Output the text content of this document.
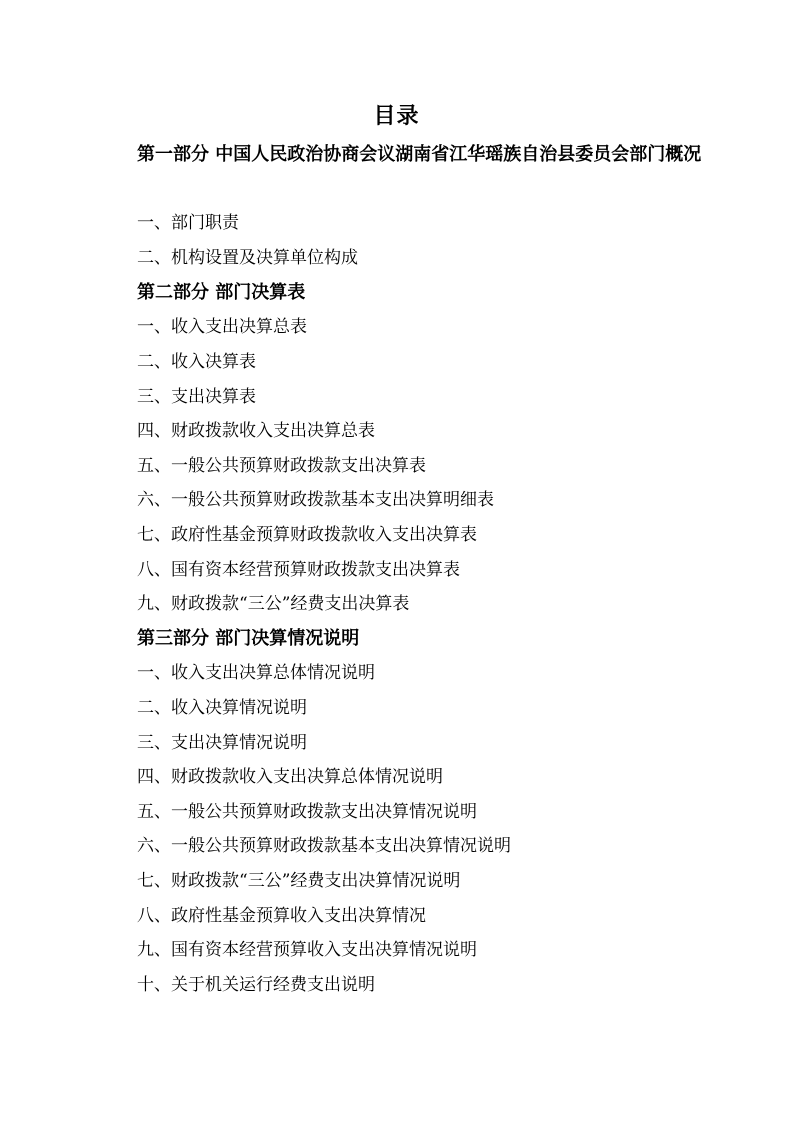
目录
第一部分 中国人民政治协商会议湖南省江华瑶族自治县委员会部门概况
一、部门职责
二、机构设置及决算单位构成
第二部分 部门决算表
一、收入支出决算总表
二、收入决算表
三、支出决算表
四、财政拨款收入支出决算总表
五、一般公共预算财政拨款支出决算表
六、一般公共预算财政拨款基本支出决算明细表
七、政府性基金预算财政拨款收入支出决算表
八、国有资本经营预算财政拨款支出决算表
九、财政拨款“三公”经费支出决算表
第三部分 部门决算情况说明
一、收入支出决算总体情况说明
二、收入决算情况说明
三、支出决算情况说明
四、财政拨款收入支出决算总体情况说明
五、一般公共预算财政拨款支出决算情况说明
六、一般公共预算财政拨款基本支出决算情况说明
七、财政拨款“三公”经费支出决算情况说明
八、政府性基金预算收入支出决算情况
九、国有资本经营预算收入支出决算情况说明
十、关于机关运行经费支出说明
